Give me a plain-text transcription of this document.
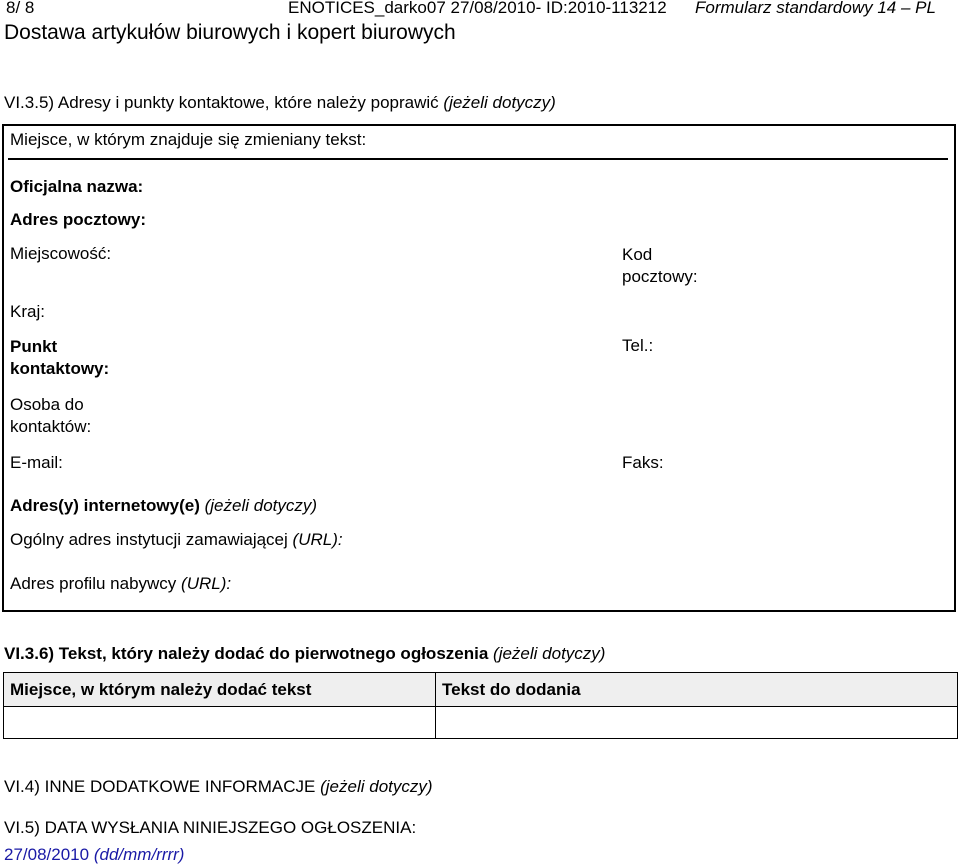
8/ 8	ENOTICES_darko07 27/08/2010- ID:2010-113212 Formularz standardowy 14 – PL
Dostawa artykułów biurowych i kopert biurowych
VI.3.5) Adresy i punkty kontaktowe, które należy poprawić (jeżeli dotyczy)
Miejsce, w którym znajduje się zmieniany tekst:
Oficjalna nazwa:
Adres pocztowy:
Miejscowość:	Kod
pocztowy:
Kraj:
Punkt
kontaktowy:
Tel.:
Osoba do
kontaktów:
E-mail:	Faks:
Adres(y) internetowy(e) (jeżeli dotyczy)
Ogólny adres instytucji zamawiającej (URL):
Adres profilu nabywcy (URL):
VI.3.6) Tekst, który należy dodać do pierwotnego ogłoszenia (jeżeli dotyczy)
Miejsce, w którym należy dodać tekst	Tekst do dodania

VI.4) INNE DODATKOWE INFORMACJE (jeżeli dotyczy)
VI.5) DATA WYSŁANIA NINIEJSZEGO OGŁOSZENIA:
27/08/2010 (dd/mm/rrrr)
